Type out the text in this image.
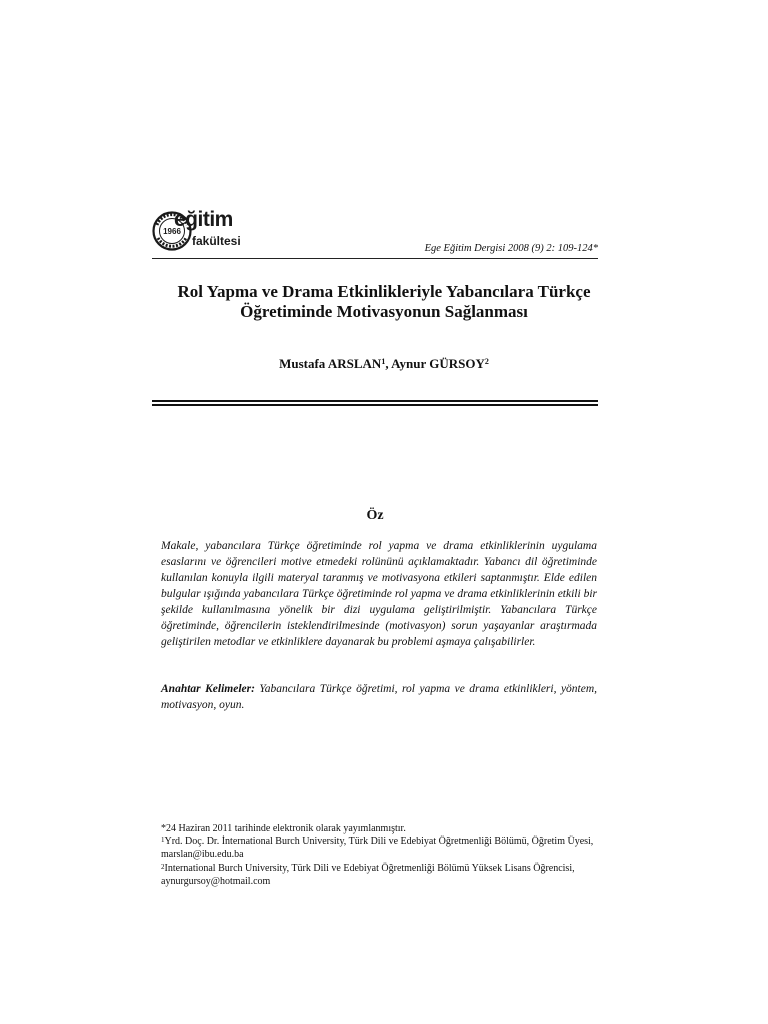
1966
eğitim
fakültesi
Ege Eğitim Dergisi 2008 (9) 2: 109-124*
Rol Yapma ve Drama Etkinlikleriyle Yabancılara Türkçe Öğretiminde Motivasyonun Sağlanması

Mustafa ARSLAN$^1$, Aynur GÜRSOY$^2$

Öz

Makale, yabancılara Türkçe öğretiminde rol yapma ve drama etkinliklerinin uygulama esaslarını ve öğrencileri motive etmedeki rolününü açıklamaktadır. Yabancı dil öğretiminde kullanılan konuyla ilgili materyal taranmış ve motivasyona etkileri saptanmıştır. Elde edilen bulgular ışığında yabancılara Türkçe öğretiminde rol yapma ve drama etkinliklerinin etkili bir şekilde kullanılmasına yönelik bir dizi uygulama geliştirilmiştir. Yabancılara Türkçe öğretiminde, öğrencilerin isteklendirilmesinde (motivasyon) sorun yaşayanlar araştırmada geliştirilen metodlar ve etkinliklere dayanarak bu problemi aşmaya çalışabilirler.

Anahtar Kelimeler: Yabancılara Türkçe öğretimi, rol yapma ve drama etkinlikleri, yöntem, motivasyon, oyun.

*24 Haziran 2011 tarihinde elektronik olarak yayımlanmıştır.

$^1$Yrd. Doç. Dr. İnternational Burch University, Türk Dili ve Edebiyat Öğretmenliği Bölümü, Öğretim Üyesi, marslan@ibu.edu.ba

$^2$International Burch University, Türk Dili ve Edebiyat Öğretmenliği Bölümü Yüksek Lisans Öğrencisi, aynurgursoy@hotmail.com
